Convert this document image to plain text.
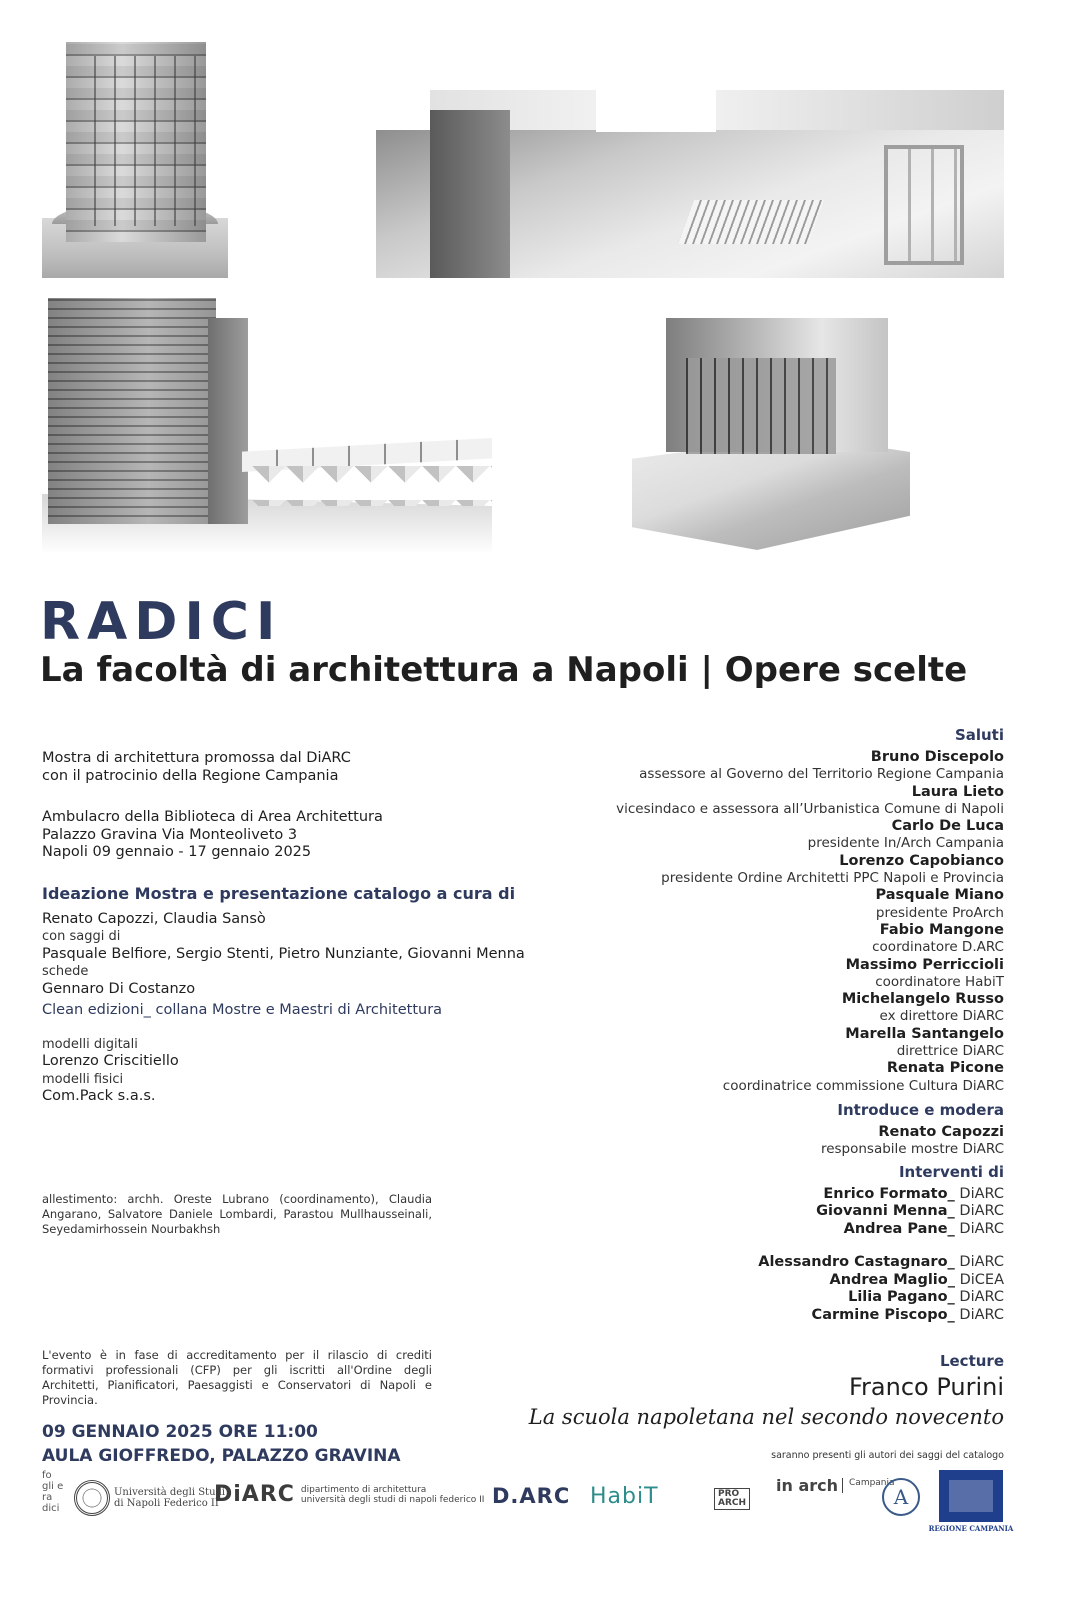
RADICI
La facoltà di architettura a Napoli | Opere scelte
Mostra di architettura promossa dal DiARC
con il patrocinio della Regione Campania
Ambulacro della Biblioteca di Area Architettura
Palazzo Gravina Via Monteoliveto 3
Napoli 09 gennaio - 17 gennaio 2025
Ideazione Mostra e presentazione catalogo a cura di
Renato Capozzi, Claudia Sansò
con saggi di
Pasquale Belfiore, Sergio Stenti, Pietro Nunziante, Giovanni Menna
schede
Gennaro Di Costanzo
Clean edizioni_ collana Mostre e Maestri di Architettura
modelli digitali
Lorenzo Criscitiello
modelli fisici
Com.Pack s.a.s.

allestimento: archh. Oreste Lubrano (coordinamento), Claudia Angarano, Salvatore Daniele Lombardi, Parastou Mullhausseinali, Seyedamirhossein Nourbakhsh

L'evento è in fase di accreditamento per il rilascio di crediti formativi professionali (CFP) per gli iscritti all'Ordine degli Architetti, Pianificatori, Paesaggisti e Conservatori di Napoli e Provincia.

09 GENNAIO 2025 ORE 11:00
AULA GIOFFREDO, PALAZZO GRAVINA
Saluti
Bruno Discepolo
assessore al Governo del Territorio Regione Campania
Laura Lieto
vicesindaco e assessora all’Urbanistica Comune di Napoli
Carlo De Luca
presidente In/Arch Campania
Lorenzo Capobianco
presidente Ordine Architetti PPC Napoli e Provincia
Pasquale Miano
presidente ProArch
Fabio Mangone
coordinatore D.ARC
Massimo Perriccioli
coordinatore HabiT
Michelangelo Russo
ex direttore DiARC
Marella Santangelo
direttrice DiARC
Renata Picone
coordinatrice commissione Cultura DiARC
Introduce e modera
Renato Capozzi
responsabile mostre DiARC
Interventi di
Enrico Formato_ DiARC
Giovanni Menna_ DiARC
Andrea Pane_ DiARC
Alessandro Castagnaro_ DiARC
Andrea Maglio_ DiCEA
Lilia Pagano_ DiARC
Carmine Piscopo_ DiARC
Lecture
Franco Purini
La scuola napoletana nel secondo novecento
saranno presenti gli autori dei saggi del catalogo
fo gli e ra dici
Università degli Studi
di Napoli Federico II
DiARC dipartimento di architettura
università degli studi di napoli federico II D.ARC HabiT	PRO
ARCH
in arch	Campania
A
REGIONE CAMPANIA
